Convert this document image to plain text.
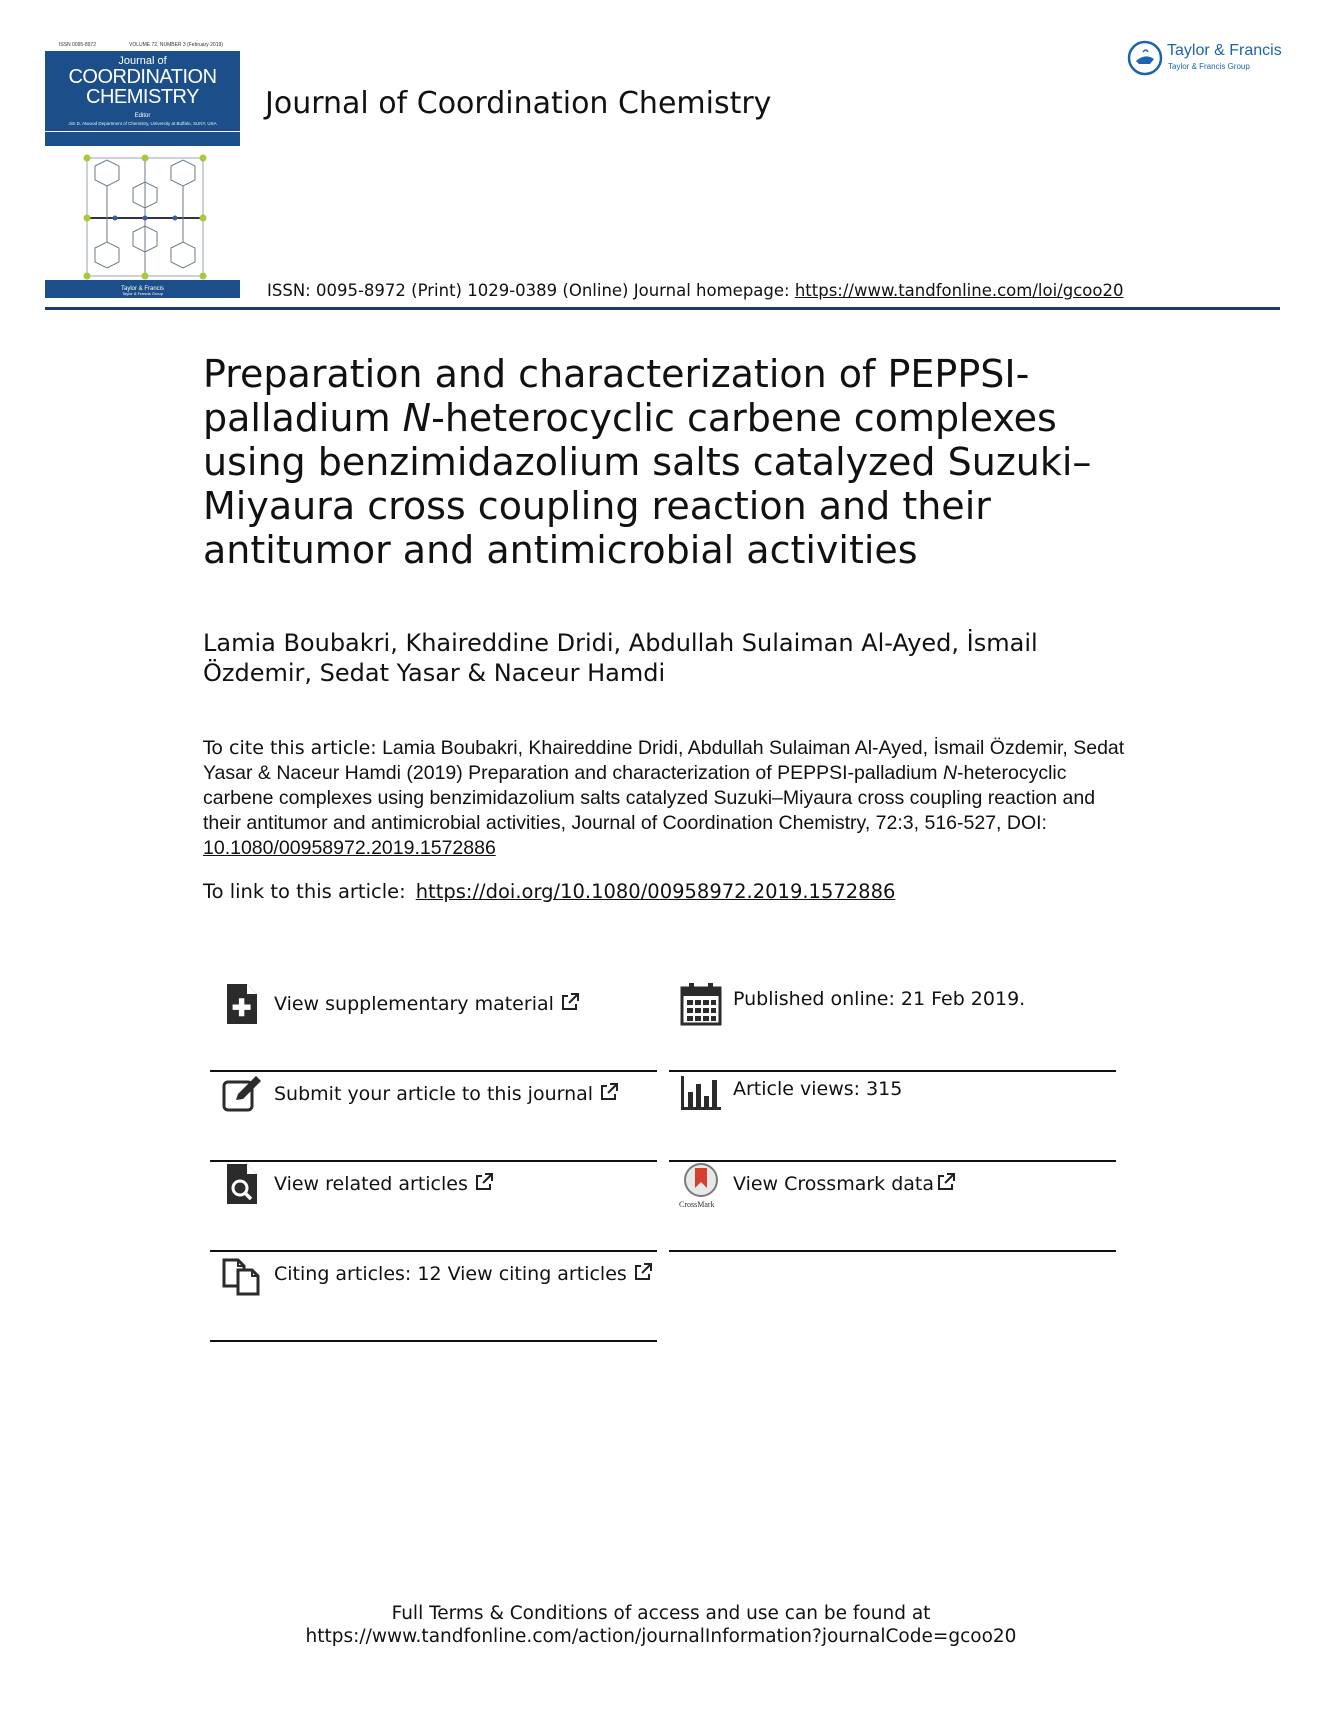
ISSN 0095-8972	VOLUME 72, NUMBER 3 (February 2019)
Journal of
COORDINATION
CHEMISTRY
Editor
Jim D. Atwood Department of Chemistry, University at Buffalo, SUNY, USA
Taylor & Francis
Taylor & Francis Group
Journal of Coordination Chemistry
Taylor & Francis
Taylor & Francis Group
ISSN: 0095-8972 (Print) 1029-0389 (Online) Journal homepage: https://www.tandfonline.com/loi/gcoo20
Preparation and characterization of PEPPSI-palladium N-heterocyclic carbene complexes using benzimidazolium salts catalyzed Suzuki–Miyaura cross coupling reaction and their antitumor and antimicrobial activities
Lamia Boubakri, Khaireddine Dridi, Abdullah Sulaiman Al-Ayed, İsmail Özdemir, Sedat Yasar & Naceur Hamdi
To cite this article: Lamia Boubakri, Khaireddine Dridi, Abdullah Sulaiman Al-Ayed, İsmail Özdemir, Sedat Yasar & Naceur Hamdi (2019) Preparation and characterization of PEPPSI-palladium N-heterocyclic carbene complexes using benzimidazolium salts catalyzed Suzuki–Miyaura cross coupling reaction and their antitumor and antimicrobial activities, Journal of Coordination Chemistry, 72:3, 516-527, DOI: 10.1080/00958972.2019.1572886
To link to this article: https://doi.org/10.1080/00958972.2019.1572886
View supplementary material
Submit your article to this journal
View related articles
Citing articles: 12 View citing articles
Published online: 21 Feb 2019.
Article views: 315
CrossMark
View Crossmark data
Full Terms & Conditions of access and use can be found at
https://www.tandfonline.com/action/journalInformation?journalCode=gcoo20
